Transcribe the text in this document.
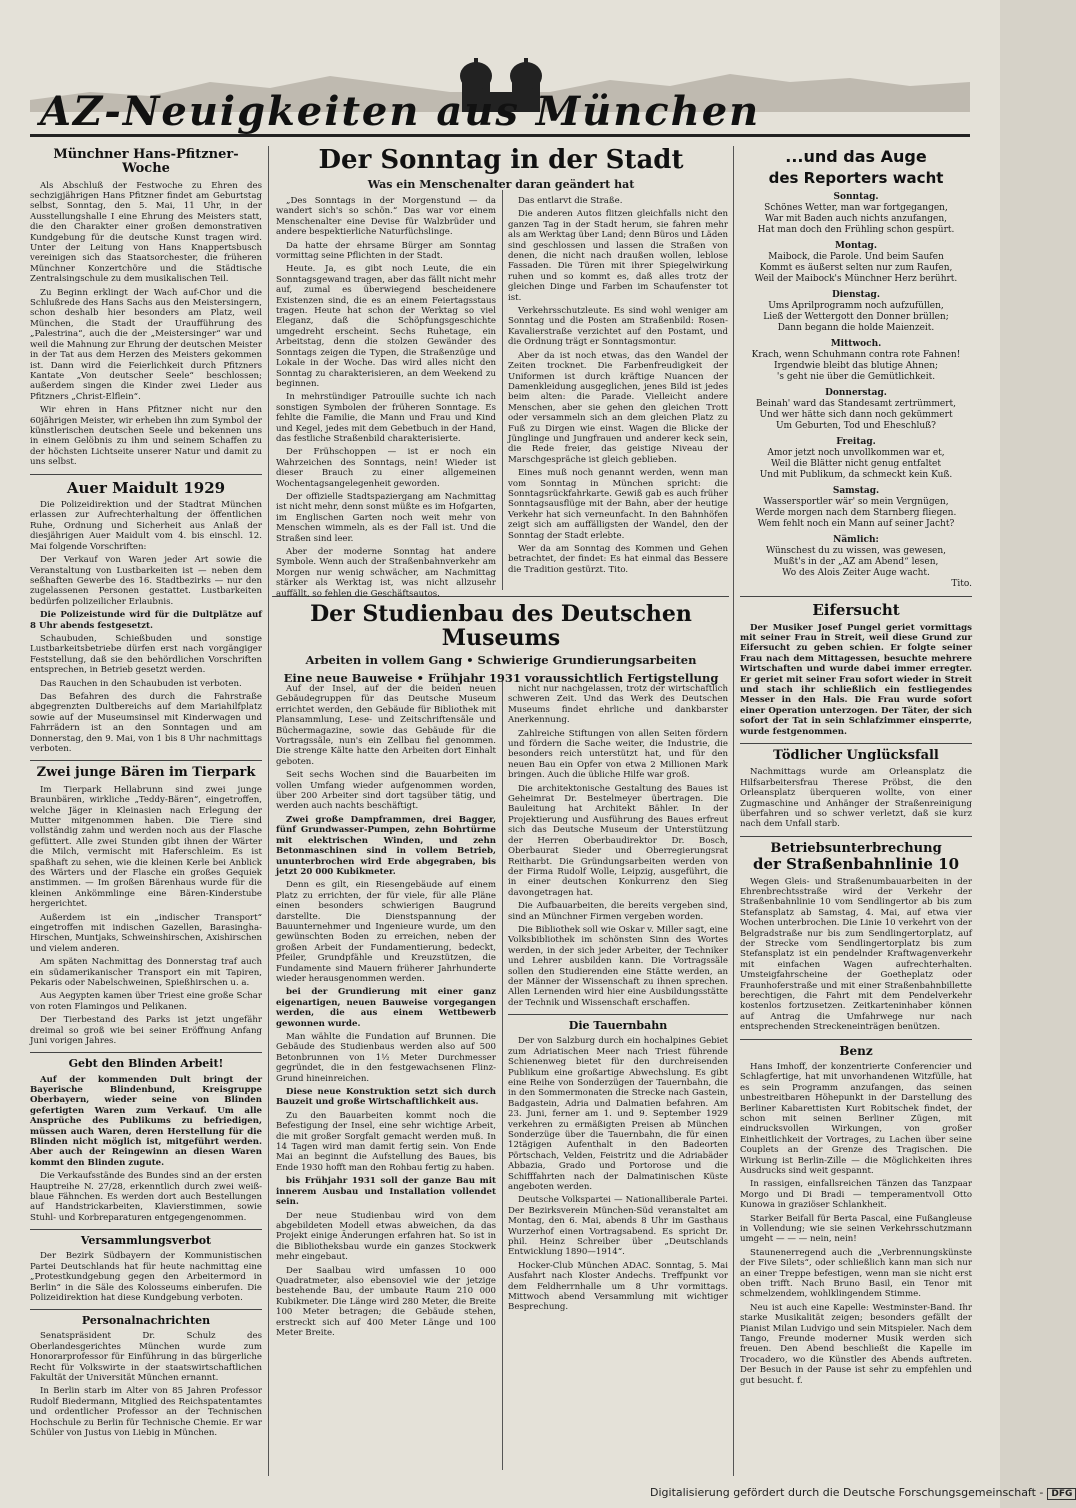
AZ-Neuigkeiten aus München
Münchner Hans-Pfitzner-Woche

Als Abschluß der Festwoche zu Ehren des sechzigjährigen Hans Pfitzner findet am Geburtstag selbst, Sonntag, den 5. Mai, 11 Uhr, in der Ausstellungshalle I eine Ehrung des Meisters statt, die den Charakter einer großen demonstrativen Kundgebung für die deutsche Kunst tragen wird. Unter der Leitung von Hans Knappertsbusch vereinigen sich das Staatsorchester, die früheren Münchner Konzertchöre und die Städtische Zentralsingschule zu dem musikalischen Teil.

Zu Beginn erklingt der Wach auf-Chor und die Schlußrede des Hans Sachs aus den Meistersingern, schon deshalb hier besonders am Platz, weil München, die Stadt der Uraufführung des „Palestrina“, auch die der „Meistersinger“ war und weil die Mahnung zur Ehrung der deutschen Meister in der Tat aus dem Herzen des Meisters gekommen ist. Dann wird die Feierlichkeit durch Pfitzners Kantate „Von deutscher Seele“ beschlossen; außerdem singen die Kinder zwei Lieder aus Pfitzners „Christ-Elflein“.

Wir ehren in Hans Pfitzner nicht nur den 60jährigen Meister, wir erheben ihn zum Symbol der künstlerischen deutschen Seele und bekennen uns in einem Gelöbnis zu ihm und seinem Schaffen zu der höchsten Lichtseite unserer Natur und damit zu uns selbst.

Auer Maidult 1929

Die Polizeidirektion und der Stadtrat München erlassen zur Aufrechterhaltung der öffentlichen Ruhe, Ordnung und Sicherheit aus Anlaß der diesjährigen Auer Maidult vom 4. bis einschl. 12. Mai folgende Vorschriften:

Der Verkauf von Waren jeder Art sowie die Veranstaltung von Lustbarkeiten ist — neben dem seßhaften Gewerbe des 16. Stadtbezirks — nur den zugelassenen Personen gestattet. Lustbarkeiten bedürfen polizeilicher Erlaubnis.

Die Polizeistunde wird für die Dultplätze auf 8 Uhr abends festgesetzt.

Schaubuden, Schießbuden und sonstige Lustbarkeitsbetriebe dürfen erst nach vorgängiger Feststellung, daß sie den behördlichen Vorschriften entsprechen, in Betrieb gesetzt werden.

Das Rauchen in den Schaubuden ist verboten.

Das Befahren des durch die Fahrstraße abgegrenzten Dultbereichs auf dem Mariahilfplatz sowie auf der Museumsinsel mit Kinderwagen und Fahrrädern ist an den Sonntagen und am Donnerstag, den 9. Mai, von 1 bis 8 Uhr nachmittags verboten.

Zwei junge Bären im Tierpark

Im Tierpark Hellabrunn sind zwei junge Braunbären, wirkliche „Teddy-Bären“, eingetroffen, welche Jäger in Kleinasien nach Erlegung der Mutter mitgenommen haben. Die Tiere sind vollständig zahm und werden noch aus der Flasche gefüttert. Alle zwei Stunden gibt ihnen der Wärter die Milch, vermischt mit Haferschleim. Es ist spaßhaft zu sehen, wie die kleinen Kerle bei Anblick des Wärters und der Flasche ein großes Gequiek anstimmen. — Im großen Bärenhaus wurde für die kleinen Ankömmlinge eine Bären-Kinderstube hergerichtet.

Außerdem ist ein „indischer Transport“ eingetroffen mit indischen Gazellen, Barasingha-Hirschen, Muntjaks, Schweinshirschen, Axishirschen und vielem anderen.

Am späten Nachmittag des Donnerstag traf auch ein südamerikanischer Transport ein mit Tapiren, Pekaris oder Nabelschweinen, Spießhirschen u. a.

Aus Aegypten kamen über Triest eine große Schar von roten Flamingos und Pelikanen.

Der Tierbestand des Parks ist jetzt ungefähr dreimal so groß wie bei seiner Eröffnung Anfang Juni vorigen Jahres.

Gebt den Blinden Arbeit!

Auf der kommenden Dult bringt der Bayerische Blindenbund, Kreisgruppe Oberbayern, wieder seine von Blinden gefertigten Waren zum Verkauf. Um alle Ansprüche des Publikums zu befriedigen, müssen auch Waren, deren Herstellung für die Blinden nicht möglich ist, mitgeführt werden. Aber auch der Reingewinn an diesen Waren kommt den Blinden zugute.

Die Verkaufsstände des Bundes sind an der ersten Hauptreihe N. 27/28, erkenntlich durch zwei weiß-blaue Fähnchen. Es werden dort auch Bestellungen auf Handstrickarbeiten, Klavierstimmen, sowie Stuhl- und Korbreparaturen entgegengenommen.

Versammlungsverbot

Der Bezirk Südbayern der Kommunistischen Partei Deutschlands hat für heute nachmittag eine „Protestkundgebung gegen den Arbeitermord in Berlin“ in die Säle des Kolosseums einberufen. Die Polizeidirektion hat diese Kundgebung verboten.

Personalnachrichten

Senatspräsident Dr. Schulz des Oberlandesgerichtes München wurde zum Honorarprofessor für Einführung in das bürgerliche Recht für Volkswirte in der staatswirtschaftlichen Fakultät der Universität München ernannt.

In Berlin starb im Alter von 85 Jahren Professor Rudolf Biedermann, Mitglied des Reichspatentamtes und ordentlicher Professor an der Technischen Hochschule zu Berlin für Technische Chemie. Er war Schüler von Justus von Liebig in München.

Der Sonntag in der Stadt
Was ein Menschenalter daran geändert hat

„Des Sonntags in der Morgenstund — da wandert sich's so schön.“ Das war vor einem Menschenalter eine Devise für Walzbrüder und andere bespektierliche Naturfüchslinge.

Da hatte der ehrsame Bürger am Sonntag vormittag seine Pflichten in der Stadt.

Heute. Ja, es gibt noch Leute, die ein Sonntagsgewand tragen, aber das fällt nicht mehr auf, zumal es überwiegend bescheidenere Existenzen sind, die es an einem Feiertagsstaus tragen. Heute hat schon der Werktag so viel Eleganz, daß die Schöpfungsgeschichte umgedreht erscheint. Sechs Ruhetage, ein Arbeitstag, denn die stolzen Gewänder des Sonntags zeigen die Typen, die Straßenzüge und Lokale in der Woche. Das wird alles nicht den Sonntag zu charakterisieren, an dem Weekend zu beginnen.

In mehrstündiger Patrouille suchte ich nach sonstigen Symbolen der früheren Sonntage. Es fehlte die Familie, die Mann und Frau und Kind und Kegel, jedes mit dem Gebetbuch in der Hand, das festliche Straßenbild charakterisierte.

Der Frühschoppen — ist er noch ein Wahrzeichen des Sonntags, nein! Wieder ist dieser Brauch zu einer allgemeinen Wochentagsangelegenheit geworden.

Der offizielle Stadtspaziergang am Nachmittag ist nicht mehr, denn sonst müßte es im Hofgarten, im Englischen Garten noch weit mehr von Menschen wimmeln, als es der Fall ist. Und die Straßen sind leer.

Aber der moderne Sonntag hat andere Symbole. Wenn auch der Straßenbahnverkehr am Morgen nur wenig schwächer, am Nachmittag stärker als Werktag ist, was nicht allzusehr auffällt, so fehlen die Geschäftsautos.

Das entlarvt die Straße.

Die anderen Autos flitzen gleichfalls nicht den ganzen Tag in der Stadt herum, sie fahren mehr als am Werktag über Land; denn Büros und Läden sind geschlossen und lassen die Straßen von denen, die nicht nach draußen wollen, leblose Fassaden. Die Türen mit ihrer Spiegelwirkung ruhen und so kommt es, daß alles trotz der gleichen Dinge und Farben im Schaufenster tot ist.

Verkehrsschutzleute. Es sind wohl weniger am Sonntag und die Posten am Straßenbild: Rosen-Kavalierstraße verzichtet auf den Postamt, und die Ordnung trägt er Sonntagsmontur.

Aber da ist noch etwas, das den Wandel der Zeiten trocknet. Die Farbenfreudigkeit der Uniformen ist durch kräftige Nuancen der Damenkleidung ausgeglichen, jenes Bild ist jedes beim alten: die Parade. Vielleicht andere Menschen, aber sie gehen den gleichen Trott oder versammeln sich an dem gleichen Platz zu Fuß zu Dirgen wie einst. Wagen die Blicke der Jünglinge und Jungfrauen und anderer keck sein, die Rede freier, das geistige Niveau der Marschgespräche ist gleich geblieben.

Eines muß noch genannt werden, wenn man vom Sonntag in München spricht: die Sonntagsrückfahrkarte. Gewiß gab es auch früher Sonntagsausflüge mit der Bahn, aber der heutige Verkehr hat sich verneunfacht. In den Bahnhöfen zeigt sich am auffälligsten der Wandel, den der Sonntag der Stadt erlebte.

Wer da am Sonntag des Kommen und Gehen betrachtet, der findet: Es hat einmal das Bessere die Tradition gestürzt. Tito.

Der Studienbau des Deutschen Museums
Arbeiten in vollem Gang • Schwierige Grundierungsarbeiten
Eine neue Bauweise • Frühjahr 1931 voraussichtlich Fertigstellung

Auf der Insel, auf der die beiden neuen Gebäudegruppen für das Deutsche Museum errichtet werden, den Gebäude für Bibliothek mit Plansammlung, Lese- und Zeitschriftensäle und Büchermagazine, sowie das Gebäude für die Vortragssäle, nun's ein Zellbau fiel genommen. Die strenge Kälte hatte den Arbeiten dort Einhalt geboten.

Seit sechs Wochen sind die Bauarbeiten im vollen Umfang wieder aufgenommen worden, über 200 Arbeiter sind dort tagsüber tätig, und werden auch nachts beschäftigt.

Zwei große Dampframmen, drei Bagger, fünf Grundwasser-Pumpen, zehn Bohrtürme mit elektrischen Winden, und zehn Betonmaschinen sind in vollem Betrieb, ununterbrochen wird Erde abgegraben, bis jetzt 20 000 Kubikmeter.

Denn es gilt, ein Riesengebäude auf einem Platz zu errichten, der für viele, für alle Pläne einen besonders schwierigen Baugrund darstellte. Die Dienstspannung der Bauunternehmer und Ingenieure wurde, um den gewünschten Boden zu erreichen, neben der großen Arbeit der Fundamentierung, bedeckt, Pfeiler, Grundpfähle und Kreuzstützen, die Fundamente sind Mauern früherer Jahrhunderte wieder herausgenommen werden.

bei der Grundierung mit einer ganz eigenartigen, neuen Bauweise vorgegangen werden, die aus einem Wettbewerb gewonnen wurde.

Man wählte die Fundation auf Brunnen. Die Gebäude des Studienbaus werden also auf 500 Betonbrunnen von 1½ Meter Durchmesser gegründet, die in den festgewachsenen Flinz-Grund hineinreichen.

Diese neue Konstruktion setzt sich durch Bauzeit und große Wirtschaftlichkeit aus.

Zu den Bauarbeiten kommt noch die Befestigung der Insel, eine sehr wichtige Arbeit, die mit großer Sorgfalt gemacht werden muß. In 14 Tagen wird man damit fertig sein. Von Ende Mai an beginnt die Aufstellung des Baues, bis Ende 1930 hofft man den Rohbau fertig zu haben.

bis Frühjahr 1931 soll der ganze Bau mit innerem Ausbau und Installation vollendet sein.

Der neue Studienbau wird von dem abgebildeten Modell etwas abweichen, da das Projekt einige Änderungen erfahren hat. So ist in die Bibliotheksbau wurde ein ganzes Stockwerk mehr eingebaut.

Der Saalbau wird umfassen 10 000 Quadratmeter, also ebensoviel wie der jetzige bestehende Bau, der umbaute Raum 210 000 Kubikmeter. Die Länge wird 280 Meter, die Breite 100 Meter betragen; die Gebäude stehen, erstreckt sich auf 400 Meter Länge und 100 Meter Breite.

nicht nur nachgelassen, trotz der wirtschaftlich schweren Zeit. Und das Werk des Deutschen Museums findet ehrliche und dankbarster Anerkennung.

Zahlreiche Stiftungen von allen Seiten fördern und fördern die Sache weiter, die Industrie, die besonders reich unterstützt hat, und für den neuen Bau ein Opfer von etwa 2 Millionen Mark bringen. Auch die übliche Hilfe war groß.

Die architektonische Gestaltung des Baues ist Geheimrat Dr. Bestelmeyer übertragen. Die Bauleitung hat Architekt Bähler. In der Projektierung und Ausführung des Baues erfreut sich das Deutsche Museum der Unterstützung der Herren Oberbaudirektor Dr. Bosch, Oberbaurat Sieder und Oberregierungsrat Reitharbt. Die Gründungsarbeiten werden von der Firma Rudolf Wolle, Leipzig, ausgeführt, die in einer deutschen Konkurrenz den Sieg davongetragen hat.

Die Aufbauarbeiten, die bereits vergeben sind, sind an Münchner Firmen vergeben worden.

Die Bibliothek soll wie Oskar v. Miller sagt, eine Volksbibliothek im schönsten Sinn des Wortes werden, in der sich jeder Arbeiter, der Techniker und Lehrer ausbilden kann. Die Vortragssäle sollen den Studierenden eine Stätte werden, an der Männer der Wissenschaft zu ihnen sprechen. Allen Lernenden wird hier eine Ausbildungsstätte der Technik und Wissenschaft erschaffen.

Die Tauernbahn

Der von Salzburg durch ein hochalpines Gebiet zum Adriatischen Meer nach Triest führende Schienenweg bietet für den durchreisenden Publikum eine großartige Abwechslung. Es gibt eine Reihe von Sonderzügen der Tauernbahn, die in den Sommermonaten die Strecke nach Gastein, Badgastein, Adria und Dalmatien befahren. Am 23. Juni, ferner am 1. und 9. September 1929 verkehren zu ermäßigten Preisen ab München Sonderzüge über die Tauernbahn, die für einen 12tägigen Aufenthalt in den Badeorten Pörtschach, Velden, Feistritz und die Adriabäder Abbazia, Grado und Portorose und die Schifffahrten nach der Dalmatinischen Küste angeboten werden.

Deutsche Volkspartei — Nationalliberale Partei. Der Bezirksverein München-Süd veranstaltet am Montag, den 6. Mai, abends 8 Uhr im Gasthaus Wurzerhof einen Vortragsabend. Es spricht Dr. phil. Heinz Schreiber über „Deutschlands Entwicklung 1890—1914“.

Hocker-Club München ADAC. Sonntag, 5. Mai Ausfahrt nach Kloster Andechs. Treffpunkt vor dem Feldherrnhalle um 8 Uhr vormittags. Mittwoch abend Versammlung mit wichtiger Besprechung.

...und das Auge
des Reporters wacht
Sonntag.
Schönes Wetter, man war fortgegangen,
War mit Baden auch nichts anzufangen,
Hat man doch den Frühling schon gespürt.
Montag.
Maibock, die Parole. Und beim Saufen
Kommt es äußerst selten nur zum Raufen,
Weil der Maibock's Münchner Herz berührt.
Dienstag.
Ums Aprilprogramm noch aufzufüllen,
Ließ der Wettergott den Donner brüllen;
Dann begann die holde Maienzeit.
Mittwoch.
Krach, wenn Schuhmann contra rote Fahnen!
Irgendwie bleibt das blutige Ahnen;
's geht nie über die Gemütlichkeit.
Donnerstag.
Beinah' ward das Standesamt zertrümmert,
Und wer hätte sich dann noch gekümmert
Um Geburten, Tod und Eheschluß?
Freitag.
Amor jetzt noch unvollkommen war et,
Weil die Blätter nicht genug entfaltet
Und mit Publikum, da schmeckt kein Kuß.
Samstag.
Wassersportler wär' so mein Vergnügen,
Werde morgen nach dem Starnberg fliegen.
Wem fehlt noch ein Mann auf seiner Jacht?
Nämlich:
Wünschest du zu wissen, was gewesen,
Mußt's in der „AZ am Abend“ lesen,
Wo des Alois Zeiter Auge wacht.
Tito.
Eifersucht

Der Musiker Josef Pungel geriet vormittags mit seiner Frau in Streit, weil diese Grund zur Eifersucht zu geben schien. Er folgte seiner Frau nach dem Mittagessen, besuchte mehrere Wirtschaften und wurde dabei immer erregter. Er geriet mit seiner Frau sofort wieder in Streit und stach ihr schließlich ein festliegendes Messer in den Hals. Die Frau wurde sofort einer Operation unterzogen. Der Täter, der sich sofort der Tat in sein Schlafzimmer einsperrte, wurde festgenommen.

Tödlicher Unglücksfall

Nachmittags wurde am Orleansplatz die Hilfsarbeitersfrau Therese Pröbst, die den Orleansplatz überqueren wollte, von einer Zugmaschine und Anhänger der Straßenreinigung überfahren und so schwer verletzt, daß sie kurz nach dem Unfall starb.

Betriebsunterbrechung
der Straßenbahnlinie 10

Wegen Gleis- und Straßenumbauarbeiten in der Ehrenbrechtsstraße wird der Verkehr der Straßenbahnlinie 10 vom Sendlingertor ab bis zum Stefansplatz ab Samstag, 4. Mai, auf etwa vier Wochen unterbrochen. Die Linie 10 verkehrt von der Belgradstraße nur bis zum Sendlingertorplatz, auf der Strecke vom Sendlingertorplatz bis zum Stefansplatz ist ein pendelnder Kraftwagenverkehr mit einfachen Wagen aufrechterhalten. Umsteigfahrscheine der Goetheplatz oder Fraunhoferstraße und mit einer Straßenbahnbillette berechtigen, die Fahrt mit dem Pendelverkehr kostenlos fortzusetzen. Zeitkarteninhaber können auf Antrag die Umfahrwege nur nach entsprechenden Streckeneinträgen benützen.

Benz

Hans Imhoff, der konzentrierte Conferencier und Schlagfertige, hat mit unvorhandenen Witzfülle, hat es sein Programm anzufangen, das seinen unbestreitbaren Höhepunkt in der Darstellung des Berliner Kabarettisten Kurt Robitschek findet, der schon mit seinen Berliner Zügen, mit eindrucksvollen Wirkungen, von großer Einheitlichkeit der Vortrages, zu Lachen über seine Couplets an der Grenze des Tragischen. Die Wirkung ist Berlin-Zille — die Möglichkeiten ihres Ausdrucks sind weit gespannt.

In rassigen, einfallsreichen Tänzen das Tanzpaar Morgo und Di Bradi — temperamentvoll Otto Kunowa in graziöser Schlankheit.

Starker Beifall für Berta Pascal, eine Fußangleuse in Vollendung; wie sie seinen Verkehrsschutzmann umgeht — — — nein, nein!

Staunenerregend auch die „Verbrennungskünste der Five Silets“, oder schließlich kann man sich nur an einer Treppe befestigen, wenn man sie nicht erst oben trifft. Nach Bruno Basil, ein Tenor mit schmelzendem, wohlklingendem Stimme.

Neu ist auch eine Kapelle: Westminster-Band. Ihr starke Musikalität zeigen; besonders gefällt der Pianist Milan Ludvigo und sein Mitspieler. Nach dem Tango, Freunde moderner Musik werden sich freuen. Den Abend beschließt die Kapelle im Trocadero, wo die Künstler des Abends auftreten. Der Besuch in der Pause ist sehr zu empfehlen und gut besucht. f.

Digitalisierung gefördert durch die Deutsche Forschungsgemeinschaft - DFG
